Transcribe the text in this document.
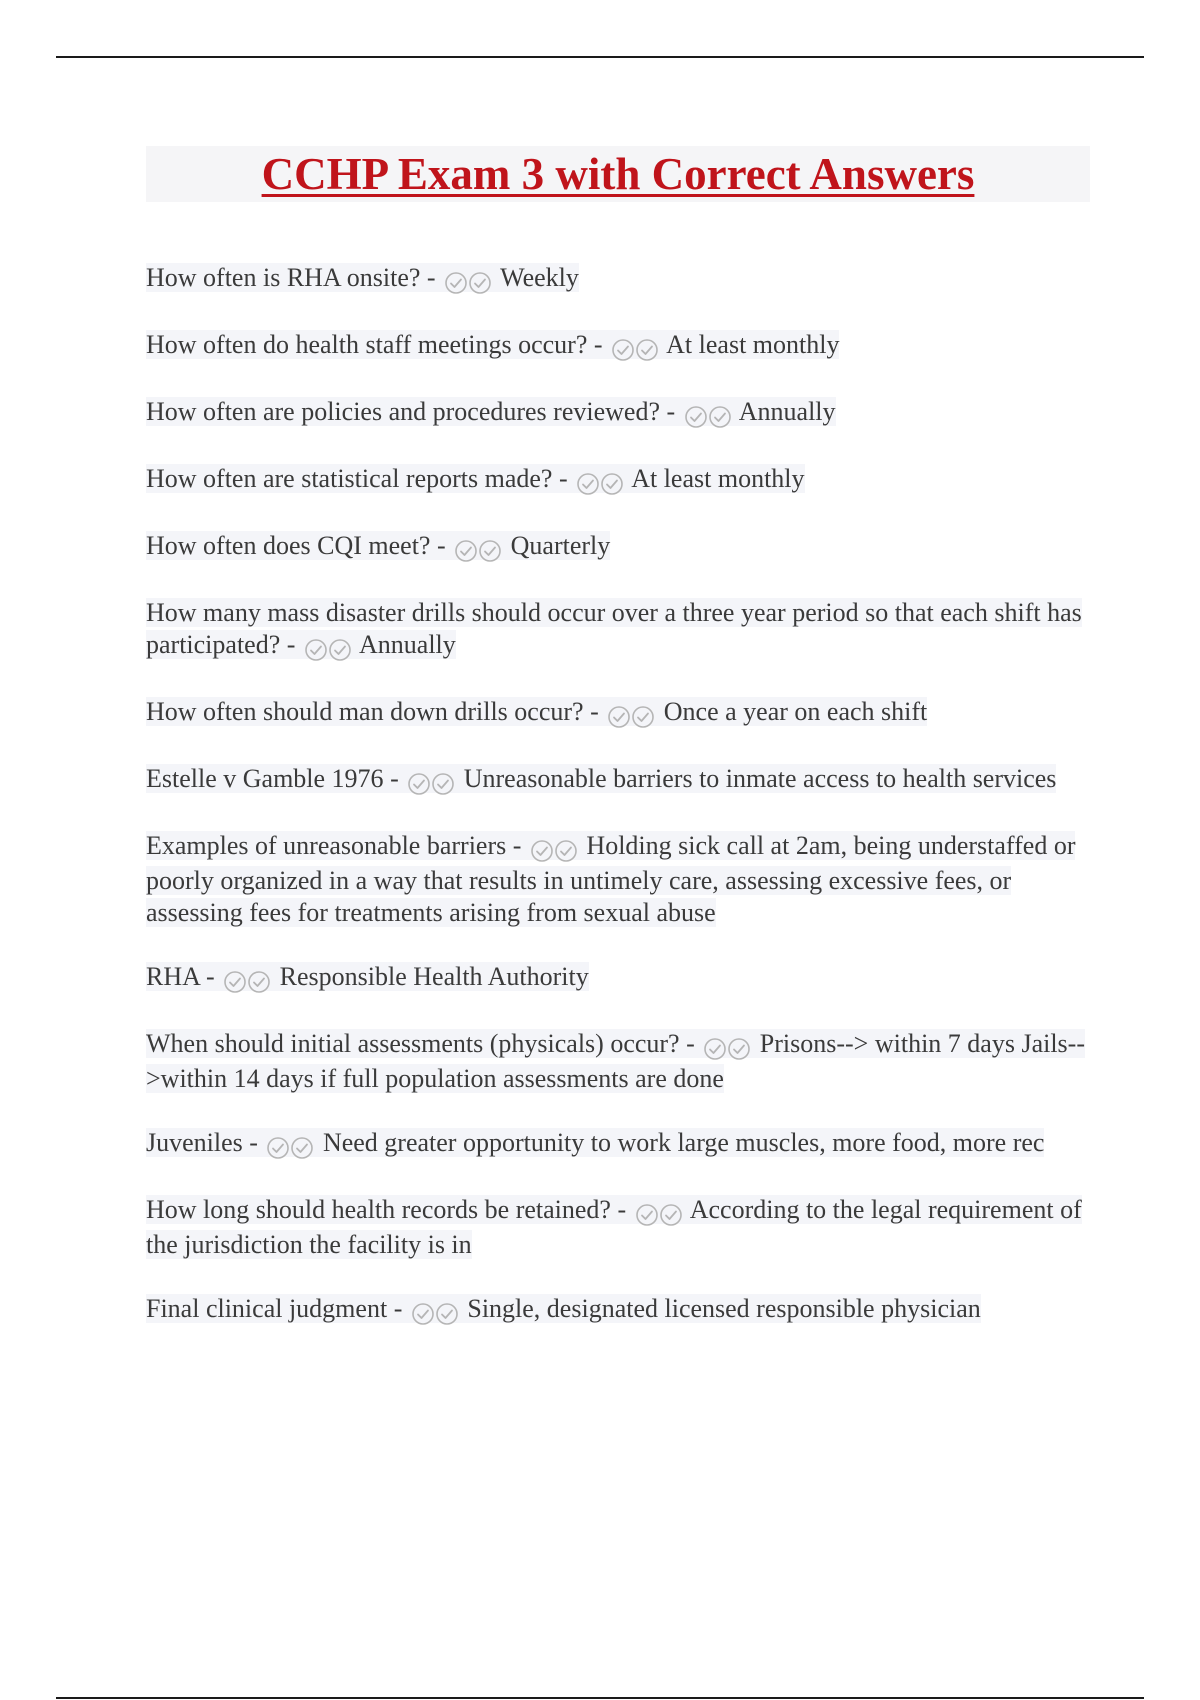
CCHP Exam 3 with Correct Answers

How often is RHA onsite? -
Weekly

How often do health staff meetings occur? -
At least monthly

How often are policies and procedures reviewed? -
Annually

How often are statistical reports made? -
At least monthly

How often does CQI meet? -
Quarterly

How many mass disaster drills should occur over a three year period so that each shift has participated? -
Annually

How often should man down drills occur? -
Once a year on each shift

Estelle v Gamble 1976 -
Unreasonable barriers to inmate access to health services

Examples of unreasonable barriers -
Holding sick call at 2am, being understaffed or poorly organized in a way that results in untimely care, assessing excessive fees, or assessing fees for treatments arising from sexual abuse

RHA -
Responsible Health Authority

When should initial assessments (physicals) occur? -
Prisons--> within 7 days Jails-->within 14 days if full population assessments are done

Juveniles -
Need greater opportunity to work large muscles, more food, more rec

How long should health records be retained? -
According to the legal requirement of the jurisdiction the facility is in

Final clinical judgment -
Single, designated licensed responsible physician
